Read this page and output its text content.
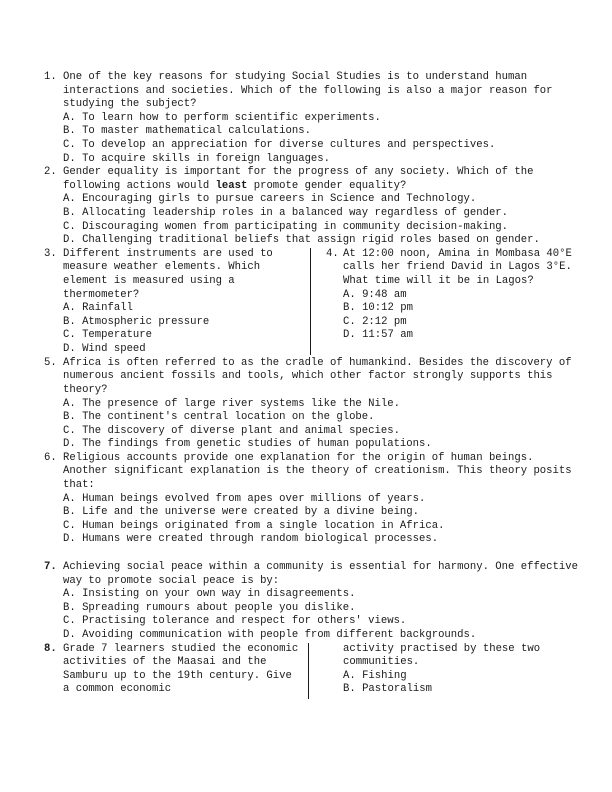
1. One of the key reasons for studying Social Studies is to understand human interactions and societies. Which of the following is also a major reason for studying the subject?
A. To learn how to perform scientific experiments.
B. To master mathematical calculations.
C. To develop an appreciation for diverse cultures and perspectives.
D. To acquire skills in foreign languages.
2. Gender equality is important for the progress of any society. Which of the following actions would least promote gender equality?
A. Encouraging girls to pursue careers in Science and Technology.
B. Allocating leadership roles in a balanced way regardless of gender.
C. Discouraging women from participating in community decision-making.
D. Challenging traditional beliefs that assign rigid roles based on gender.
3. Different instruments are used to measure weather elements. Which element is measured using a thermometer?
A. Rainfall
B. Atmospheric pressure
C. Temperature
D. Wind speed
4. At 12:00 noon, Amina in Mombasa 40°E calls her friend David in Lagos 3°E. What time will it be in Lagos?
A. 9:48 am
B. 10:12 pm
C. 2:12 pm
D. 11:57 am
5. Africa is often referred to as the cradle of humankind. Besides the discovery of numerous ancient fossils and tools, which other factor strongly supports this theory?
A. The presence of large river systems like the Nile.
B. The continent's central location on the globe.
C. The discovery of diverse plant and animal species.
D. The findings from genetic studies of human populations.
6. Religious accounts provide one explanation for the origin of human beings. Another significant explanation is the theory of creationism. This theory posits that:
A. Human beings evolved from apes over millions of years.
B. Life and the universe were created by a divine being.
C. Human beings originated from a single location in Africa.
D. Humans were created through random biological processes.
7. Achieving social peace within a community is essential for harmony. One effective way to promote social peace is by:
A. Insisting on your own way in disagreements.
B. Spreading rumours about people you dislike.
C. Practising tolerance and respect for others' views.
D. Avoiding communication with people from different backgrounds.
8. Grade 7 learners studied the economic activities of the Maasai and the Samburu up to the 19th century. Give a common economic
activity practised by these two communities.
A. Fishing
B. Pastoralism
